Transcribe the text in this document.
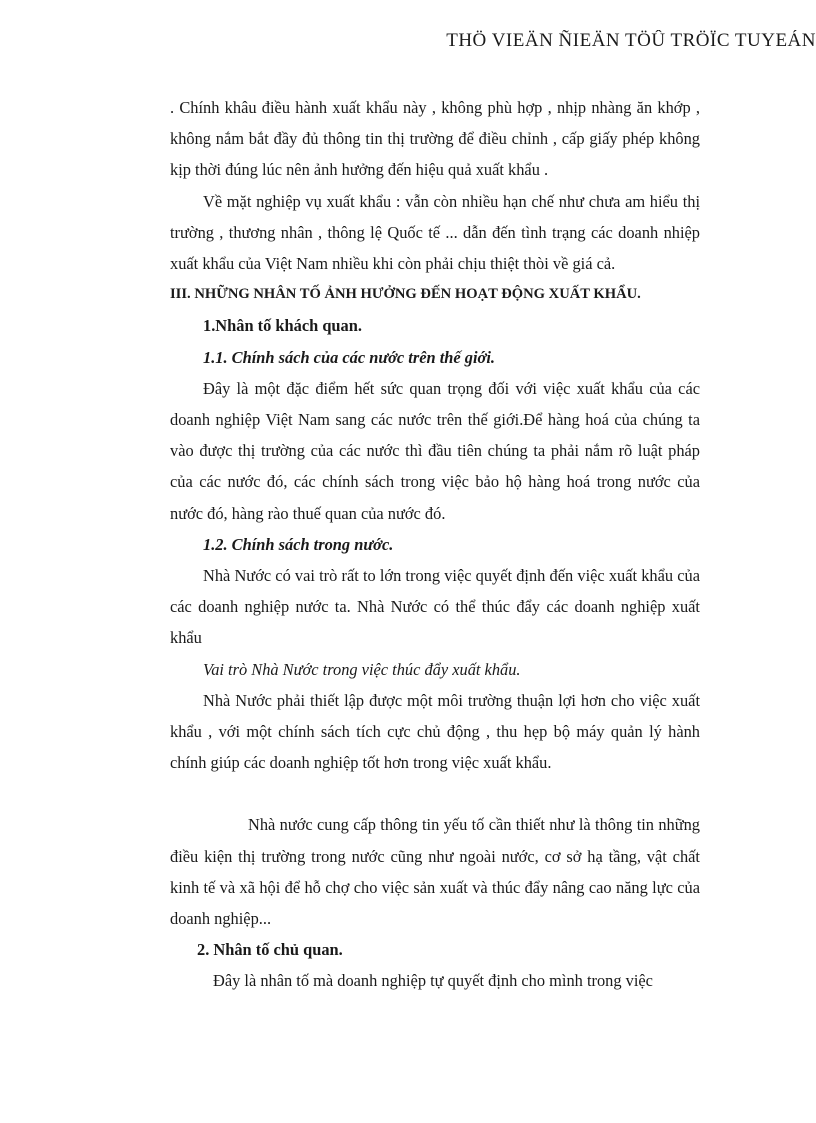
THÖ VIEÄN ÑIEÄN TÖÛ TRÖÏC TUYEÁN

. Chính khâu điều hành xuất khẩu này , không phù hợp , nhịp nhàng ăn khớp , không nắm bắt đầy đủ thông tin thị trường để điều chỉnh , cấp giấy phép không kịp thời đúng lúc nên ảnh hưởng đến hiệu quả xuất khẩu .

Về mặt nghiệp vụ xuất khẩu : vẫn còn nhiều hạn chế như chưa am hiểu thị trường , thương nhân , thông lệ Quốc tế ... dẫn đến tình trạng các doanh nhiệp xuất khẩu của Việt Nam nhiều khi còn phải chịu thiệt thòi về giá cả.

III. NHỮNG NHÂN TỐ ẢNH HƯỞNG ĐẾN HOẠT ĐỘNG XUẤT KHẨU.

1.Nhân tố khách quan.

1.1. Chính sách của các nước trên thế giới.

Đây là một đặc điểm hết sức quan trọng đối với việc xuất khẩu của các doanh nghiệp Việt Nam sang các nước trên thế giới.Để hàng hoá của chúng ta vào được thị trường của các nước thì đầu tiên chúng ta phải nắm rõ luật pháp của các nước đó, các chính sách trong việc bảo hộ hàng hoá trong nước của nước đó, hàng rào thuế quan của nước đó.

1.2. Chính sách trong nước.

Nhà Nước có vai trò rất to lớn trong việc quyết định đến việc xuất khẩu của các doanh nghiệp nước ta. Nhà Nước có thể thúc đẩy các doanh nghiệp xuất khẩu

Vai trò Nhà Nước trong việc thúc đẩy xuất khẩu.

Nhà Nước phải thiết lập được một môi trường thuận lợi hơn cho việc xuất khẩu , với một chính sách tích cực chủ động , thu hẹp bộ máy quản lý hành chính giúp các doanh nghiệp tốt hơn trong việc xuất khẩu.

Nhà nước cung cấp thông tin yếu tố cần thiết như là thông tin những điều kiện thị trường trong nước cũng như ngoài nước, cơ sở hạ tầng, vật chất kinh tế và xã hội để hỗ chợ cho việc sản xuất và thúc đẩy nâng cao năng lực của doanh nghiệp...

2. Nhân tố chủ quan.

Đây là nhân tố mà doanh nghiệp tự quyết định cho mình trong việc
